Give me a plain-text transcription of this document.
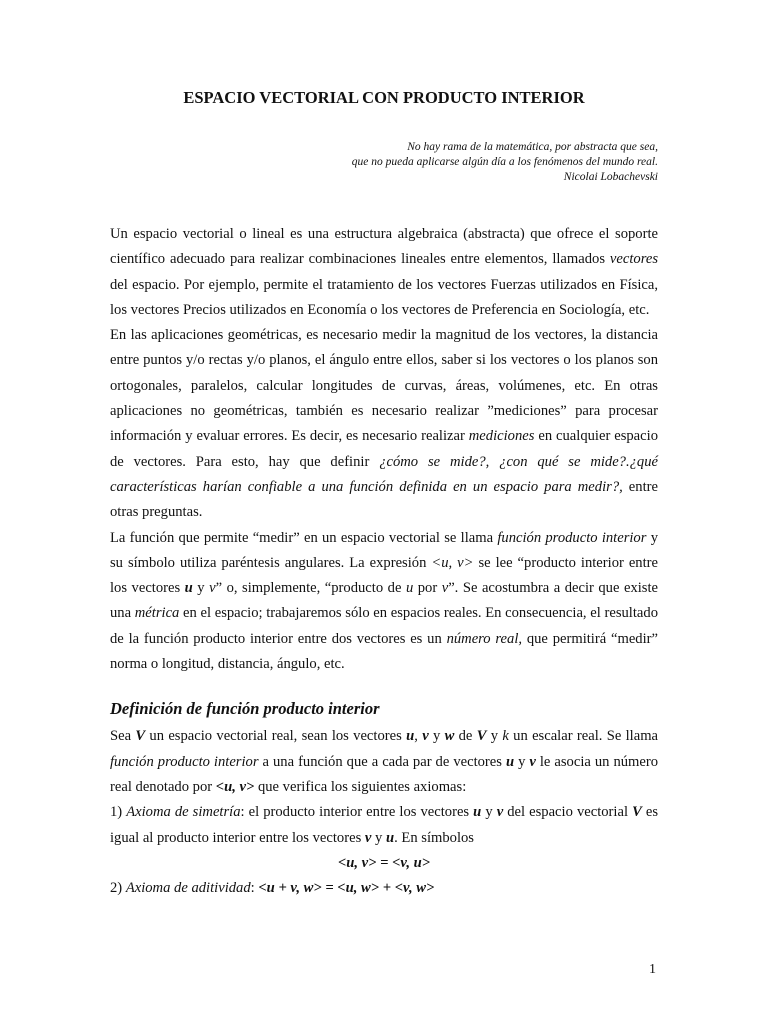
ESPACIO VECTORIAL CON PRODUCTO INTERIOR
No hay rama de la matemática, por abstracta que sea,
que no pueda aplicarse algún día a los fenómenos del mundo real.
Nicolai Lobachevski

Un espacio vectorial o lineal es una estructura algebraica (abstracta) que ofrece el soporte científico adecuado para realizar combinaciones lineales entre elementos, llamados vectores del espacio. Por ejemplo, permite el tratamiento de los vectores Fuerzas utilizados en Física, los vectores Precios utilizados en Economía o los vectores de Preferencia en Sociología, etc.

En las aplicaciones geométricas, es necesario medir la magnitud de los vectores, la distancia entre puntos y/o rectas y/o planos, el ángulo entre ellos, saber si los vectores o los planos son ortogonales, paralelos, calcular longitudes de curvas, áreas, volúmenes, etc. En otras aplicaciones no geométricas, también es necesario realizar ”mediciones” para procesar información y evaluar errores. Es decir, es necesario realizar mediciones en cualquier espacio de vectores. Para esto, hay que definir ¿cómo se mide?, ¿con qué se mide?.¿qué características harían confiable a una función definida en un espacio para medir?, entre otras preguntas.

La función que permite “medir” en un espacio vectorial se llama función producto interior y su símbolo utiliza paréntesis angulares. La expresión <u, v> se lee “producto interior entre los vectores u y v” o, simplemente, “producto de u por v”. Se acostumbra a decir que existe una métrica en el espacio; trabajaremos sólo en espacios reales. En consecuencia, el resultado de la función producto interior entre dos vectores es un número real, que permitirá “medir” norma o longitud, distancia, ángulo, etc.

Definición de función producto interior

Sea V un espacio vectorial real, sean los vectores u, v y w de V y k un escalar real. Se llama función producto interior a una función que a cada par de vectores u y v le asocia un número real denotado por <u, v> que verifica los siguientes axiomas:

1) Axioma de simetría: el producto interior entre los vectores u y v del espacio vectorial V es igual al producto interior entre los vectores v y u. En símbolos

<u, v> = <v, u>

2) Axioma de aditividad: <u + v, w> = <u, w> + <v, w>

1
